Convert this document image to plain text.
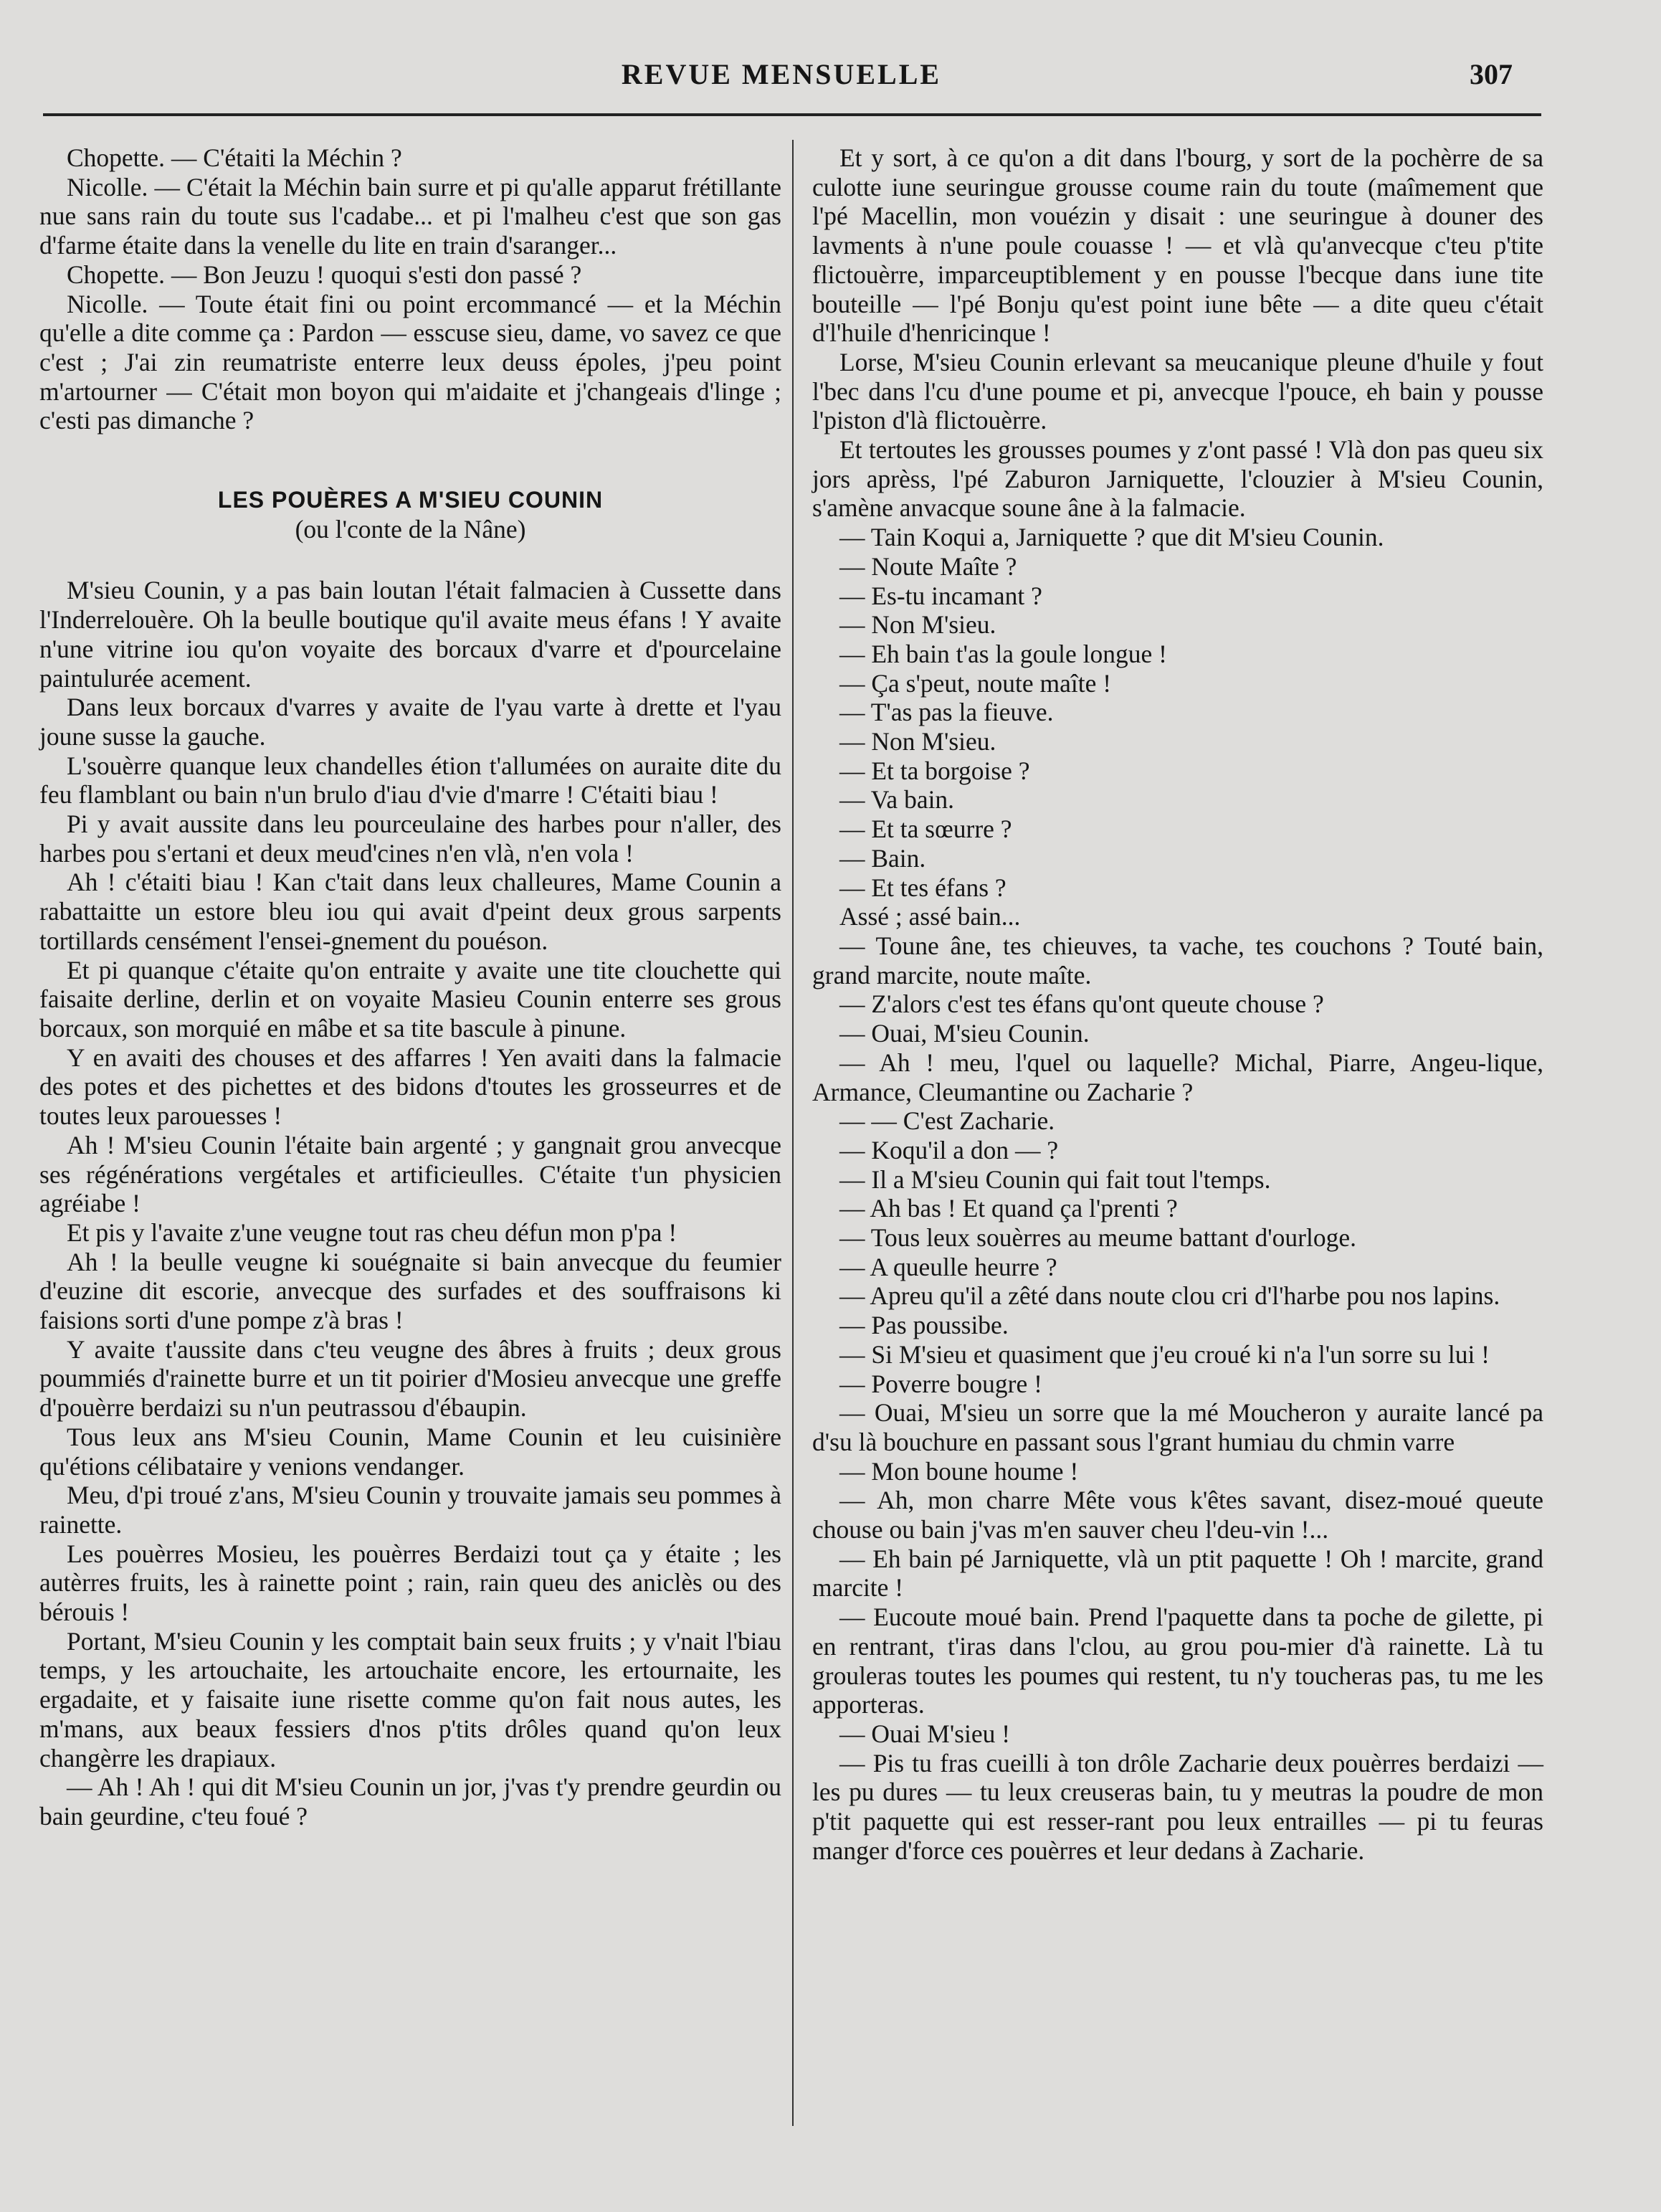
REVUE MENSUELLE	307

Chopette. — C'étaiti la Méchin ?

Nicolle. — C'était la Méchin bain surre et pi qu'alle apparut frétillante nue sans rain du toute sus l'cadabe... et pi l'malheu c'est que son gas d'farme étaite dans la venelle du lite en train d'saranger...

Chopette. — Bon Jeuzu ! quoqui s'esti don passé ?

Nicolle. — Toute était fini ou point ercommancé — et la Méchin qu'elle a dite comme ça : Pardon — esscuse sieu, dame, vo savez ce que c'est ; J'ai zin reumatriste enterre leux deuss époles, j'peu point m'artourner — C'était mon boyon qui m'aidaite et j'changeais d'linge ; c'esti pas dimanche ?

LES POUÈRES A M'SIEU COUNIN

(ou l'conte de la Nâne)

M'sieu Counin, y a pas bain loutan l'était falmacien à Cussette dans l'Inderrelouère. Oh la beulle boutique qu'il avaite meus éfans ! Y avaite n'une vitrine iou qu'on voyaite des borcaux d'varre et d'pourcelaine paintulurée acement.

Dans leux borcaux d'varres y avaite de l'yau varte à drette et l'yau joune susse la gauche.

L'souèrre quanque leux chandelles étion t'allumées on auraite dite du feu flamblant ou bain n'un brulo d'iau d'vie d'marre ! C'étaiti biau !

Pi y avait aussite dans leu pourceulaine des harbes pour n'aller, des harbes pou s'ertani et deux meud'cines n'en vlà, n'en vola !

Ah ! c'étaiti biau ! Kan c'tait dans leux challeures, Mame Counin a rabattaitte un estore bleu iou qui avait d'peint deux grous sarpents tortillards censément l'ensei-gnement du pouéson.

Et pi quanque c'étaite qu'on entraite y avaite une tite clouchette qui faisaite derline, derlin et on voyaite Masieu Counin enterre ses grous borcaux, son morquié en mâbe et sa tite bascule à pinune.

Y en avaiti des chouses et des affarres ! Yen avaiti dans la falmacie des potes et des pichettes et des bidons d'toutes les grosseurres et de toutes leux parouesses !

Ah ! M'sieu Counin l'étaite bain argenté ; y gangnait grou anvecque ses régénérations vergétales et artificieulles. C'étaite t'un physicien agréiabe !

Et pis y l'avaite z'une veugne tout ras cheu défun mon p'pa !

Ah ! la beulle veugne ki souégnaite si bain anvecque du feumier d'euzine dit escorie, anvecque des surfades et des souffraisons ki faisions sorti d'une pompe z'à bras !

Y avaite t'aussite dans c'teu veugne des âbres à fruits ; deux grous poummiés d'rainette burre et un tit poirier d'Mosieu anvecque une greffe d'pouèrre berdaizi su n'un peutrassou d'ébaupin.

Tous leux ans M'sieu Counin, Mame Counin et leu cuisinière qu'étions célibataire y venions vendanger.

Meu, d'pi troué z'ans, M'sieu Counin y trouvaite jamais seu pommes à rainette.

Les pouèrres Mosieu, les pouèrres Berdaizi tout ça y étaite ; les autèrres fruits, les à rainette point ; rain, rain queu des aniclès ou des bérouis !

Portant, M'sieu Counin y les comptait bain seux fruits ; y v'nait l'biau temps, y les artouchaite, les artouchaite encore, les ertournaite, les ergadaite, et y faisaite iune risette comme qu'on fait nous autes, les m'mans, aux beaux fessiers d'nos p'tits drôles quand qu'on leux changèrre les drapiaux.

— Ah ! Ah ! qui dit M'sieu Counin un jor, j'vas t'y prendre geurdin ou bain geurdine, c'teu foué ?

Et y sort, à ce qu'on a dit dans l'bourg, y sort de la pochèrre de sa culotte iune seuringue grousse coume rain du toute (maîmement que l'pé Macellin, mon vouézin y disait : une seuringue à douner des lavments à n'une poule couasse ! — et vlà qu'anvecque c'teu p'tite flictouèrre, imparceuptiblement y en pousse l'becque dans iune tite bouteille — l'pé Bonju qu'est point iune bête — a dite queu c'était d'l'huile d'henricinque !

Lorse, M'sieu Counin erlevant sa meucanique pleune d'huile y fout l'bec dans l'cu d'une poume et pi, anvecque l'pouce, eh bain y pousse l'piston d'là flictouèrre.

Et tertoutes les grousses poumes y z'ont passé ! Vlà don pas queu six jors aprèss, l'pé Zaburon Jarniquette, l'clouzier à M'sieu Counin, s'amène anvacque soune âne à la falmacie.

— Tain Koqui a, Jarniquette ? que dit M'sieu Counin.

— Noute Maîte ?

— Es-tu incamant ?

— Non M'sieu.

— Eh bain t'as la goule longue !

— Ça s'peut, noute maîte !

— T'as pas la fieuve.

— Non M'sieu.

— Et ta borgoise ?

— Va bain.

— Et ta sœurre ?

— Bain.

— Et tes éfans ?

Assé ; assé bain...

— Toune âne, tes chieuves, ta vache, tes couchons ? Touté bain, grand marcite, noute maîte.

— Z'alors c'est tes éfans qu'ont queute chouse ?

— Ouai, M'sieu Counin.

— Ah ! meu, l'quel ou laquelle? Michal, Piarre, Angeu-lique, Armance, Cleumantine ou Zacharie ?

— — C'est Zacharie.

— Koqu'il a don — ?

— Il a M'sieu Counin qui fait tout l'temps.

— Ah bas ! Et quand ça l'prenti ?

— Tous leux souèrres au meume battant d'ourloge.

— A queulle heurre ?

— Apreu qu'il a zêté dans noute clou cri d'l'harbe pou nos lapins.

— Pas poussibe.

— Si M'sieu et quasiment que j'eu croué ki n'a l'un sorre su lui !

— Poverre bougre !

— Ouai, M'sieu un sorre que la mé Moucheron y auraite lancé pa d'su là bouchure en passant sous l'grant humiau du chmin varre

— Mon boune houme !

— Ah, mon charre Mête vous k'êtes savant, disez-moué queute chouse ou bain j'vas m'en sauver cheu l'deu-vin !...

— Eh bain pé Jarniquette, vlà un ptit paquette ! Oh ! marcite, grand marcite !

— Eucoute moué bain. Prend l'paquette dans ta poche de gilette, pi en rentrant, t'iras dans l'clou, au grou pou-mier d'à rainette. Là tu grouleras toutes les poumes qui restent, tu n'y toucheras pas, tu me les apporteras.

— Ouai M'sieu !

— Pis tu fras cueilli à ton drôle Zacharie deux pouèrres berdaizi — les pu dures — tu leux creuseras bain, tu y meutras la poudre de mon p'tit paquette qui est resser-rant pou leux entrailles — pi tu feuras manger d'force ces pouèrres et leur dedans à Zacharie.
